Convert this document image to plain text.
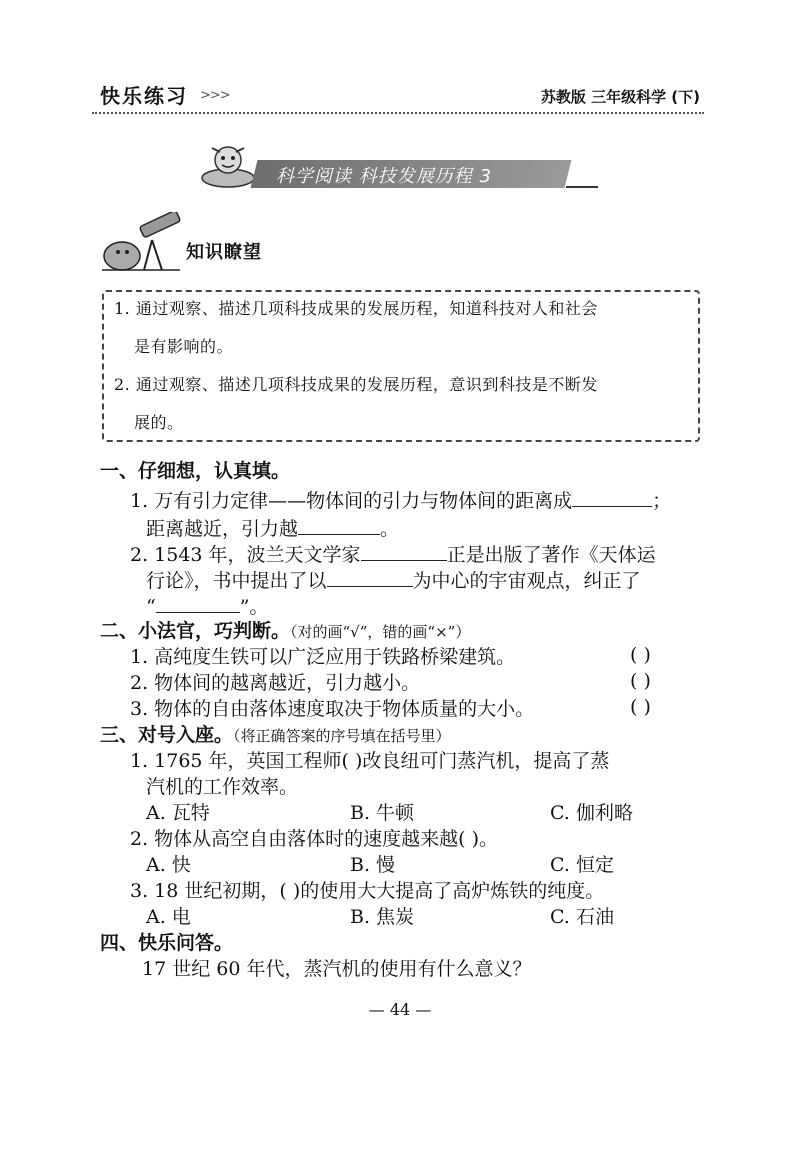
快乐练习 >>>	苏教版 三年级科学 (下)
科学阅读 科技发展历程 3
知识瞭望
1. 通过观察、描述几项科技成果的发展历程，知道科技对人和社会
是有影响的。
2. 通过观察、描述几项科技成果的发展历程，意识到科技是不断发
展的。
一、仔细想，认真填。
1. 万有引力定律——物体间的引力与物体间的距离成	；
距离越近，引力越	。
2. 1543 年，波兰天文学家	正是出版了著作《天体运
行论》，书中提出了以	为中心的宇宙观点，纠正了
“	”。
二、小法官，巧判断。（对的画“√”，错的画“×”）
1. 高纯度生铁可以广泛应用于铁路桥梁建筑。	( )
2. 物体间的越离越近，引力越小。	( )
3. 物体的自由落体速度取决于物体质量的大小。	( )
三、对号入座。（将正确答案的序号填在括号里）
1. 1765 年，英国工程师( )改良纽可门蒸汽机，提高了蒸
汽机的工作效率。
A. 瓦特	B. 牛顿	C. 伽利略
2. 物体从高空自由落体时的速度越来越( )。
A. 快	B. 慢	C. 恒定
3. 18 世纪初期，( )的使用大大提高了高炉炼铁的纯度。
A. 电	B. 焦炭	C. 石油
四、快乐问答。
17 世纪 60 年代，蒸汽机的使用有什么意义？
— 44 —
